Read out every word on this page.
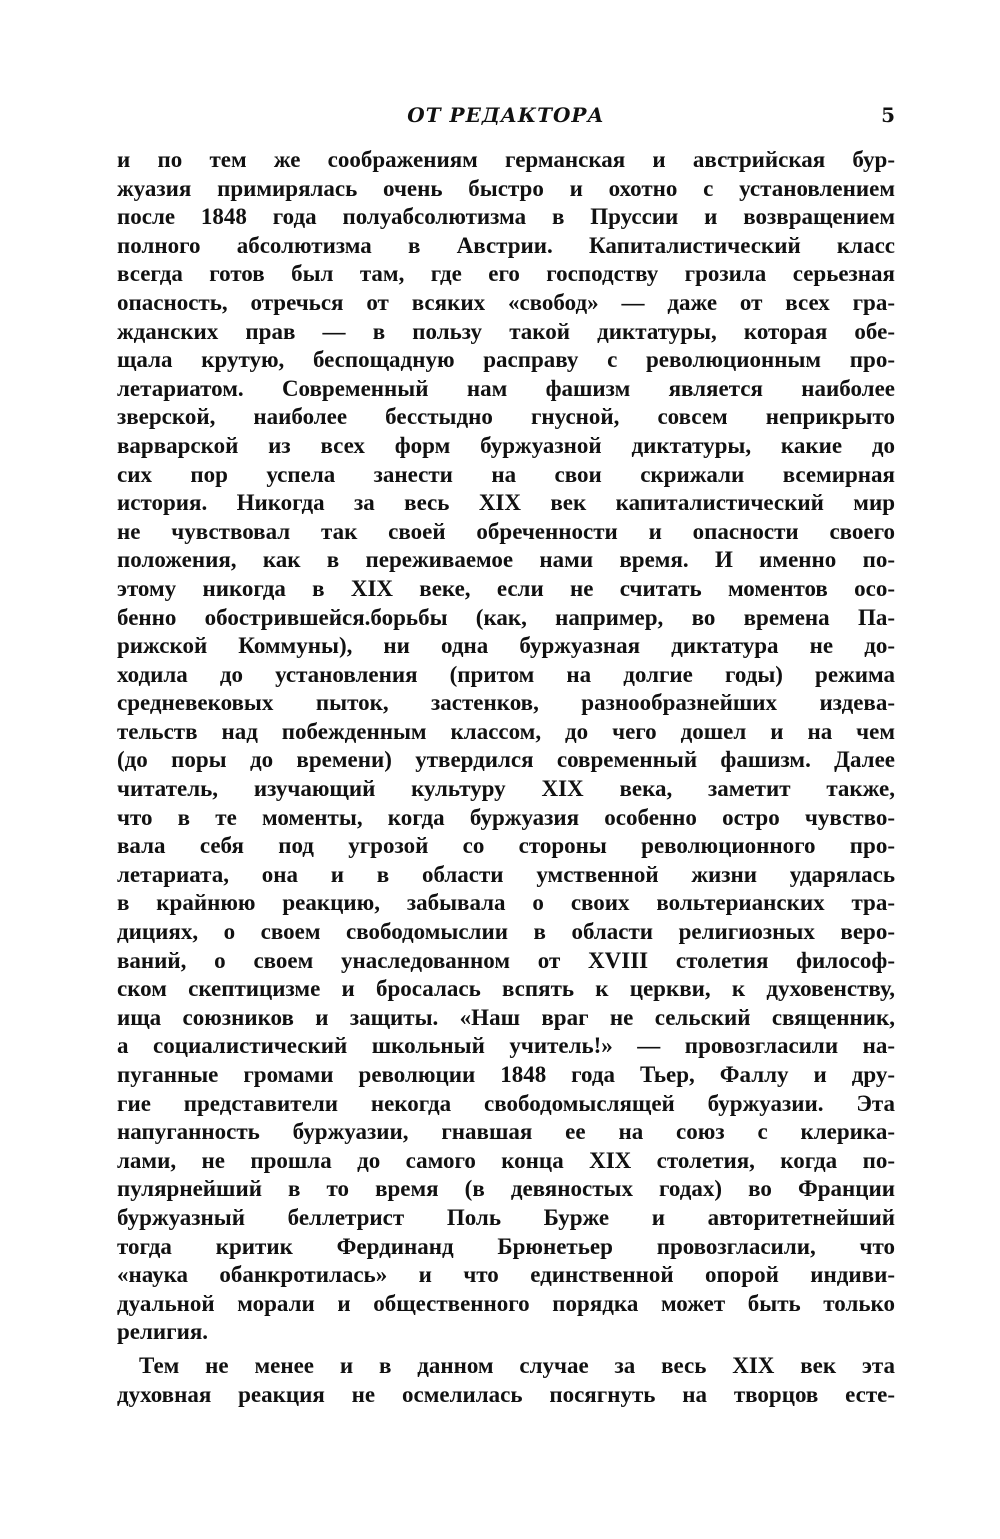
ОТ РЕДАКТОРА	5
и по тем же соображениям германская и австрийская бур-
жуазия примирялась очень быстро и охотно с установлением
после 1848 года полуабсолютизма в Пруссии и возвращением
полного абсолютизма в Австрии. Капиталистический класс
всегда готов был там, где его господству грозила серьезная
опасность, отречься от всяких «свобод» — даже от всех гра-
жданских прав — в пользу такой диктатуры, которая обе-
щала крутую, беспощадную расправу с революционным про-
летариатом. Современный нам фашизм является наиболее
зверской, наиболее бесстыдно гнусной, совсем неприкрыто
варварской из всех форм буржуазной диктатуры, какие до
сих пор успела занести на свои скрижали всемирная
история. Никогда за весь XIX век капиталистический мир
не чувствовал так своей обреченности и опасности своего
положения, как в переживаемое нами время. И именно по-
этому никогда в XIX веке, если не считать моментов осо-
бенно обострившейся.борьбы (как, например, во времена Па-
рижской Коммуны), ни одна буржуазная диктатура не до-
ходила до установления (притом на долгие годы) режима
средневековых пыток, застенков, разнообразнейших издева-
тельств над побежденным классом, до чего дошел и на чем
(до поры до времени) утвердился современный фашизм. Далее
читатель, изучающий культуру XIX века, заметит также,
что в те моменты, когда буржуазия особенно остро чувство-
вала себя под угрозой со стороны революционного про-
летариата, она и в области умственной жизни ударялась
в крайнюю реакцию, забывала о своих вольтерианских тра-
дициях, о своем свободомыслии в области религиозных веро-
ваний, о своем унаследованном от XVIII столетия философ-
ском скептицизме и бросалась вспять к церкви, к духовенству,
ища союзников и защиты. «Наш враг не сельский священник,
а социалистический школьный учитель!» — провозгласили на-
пуганные громами революции 1848 года Тьер, Фаллу и дру-
гие представители некогда свободомыслящей буржуазии. Эта
напуганность буржуазии, гнавшая ее на союз с клерика-
лами, не прошла до самого конца XIX столетия, когда по-
пулярнейший в то время (в девяностых годах) во Франции
буржуазный беллетрист Поль Бурже и авторитетнейший
тогда критик Фердинанд Брюнетьер провозгласили, что
«наука обанкротилась» и что единственной опорой индиви-
дуальной морали и общественного порядка может быть только
религия.
Тем не менее и в данном случае за весь XIX век эта
духовная реакция не осмелилась посягнуть на творцов есте-
